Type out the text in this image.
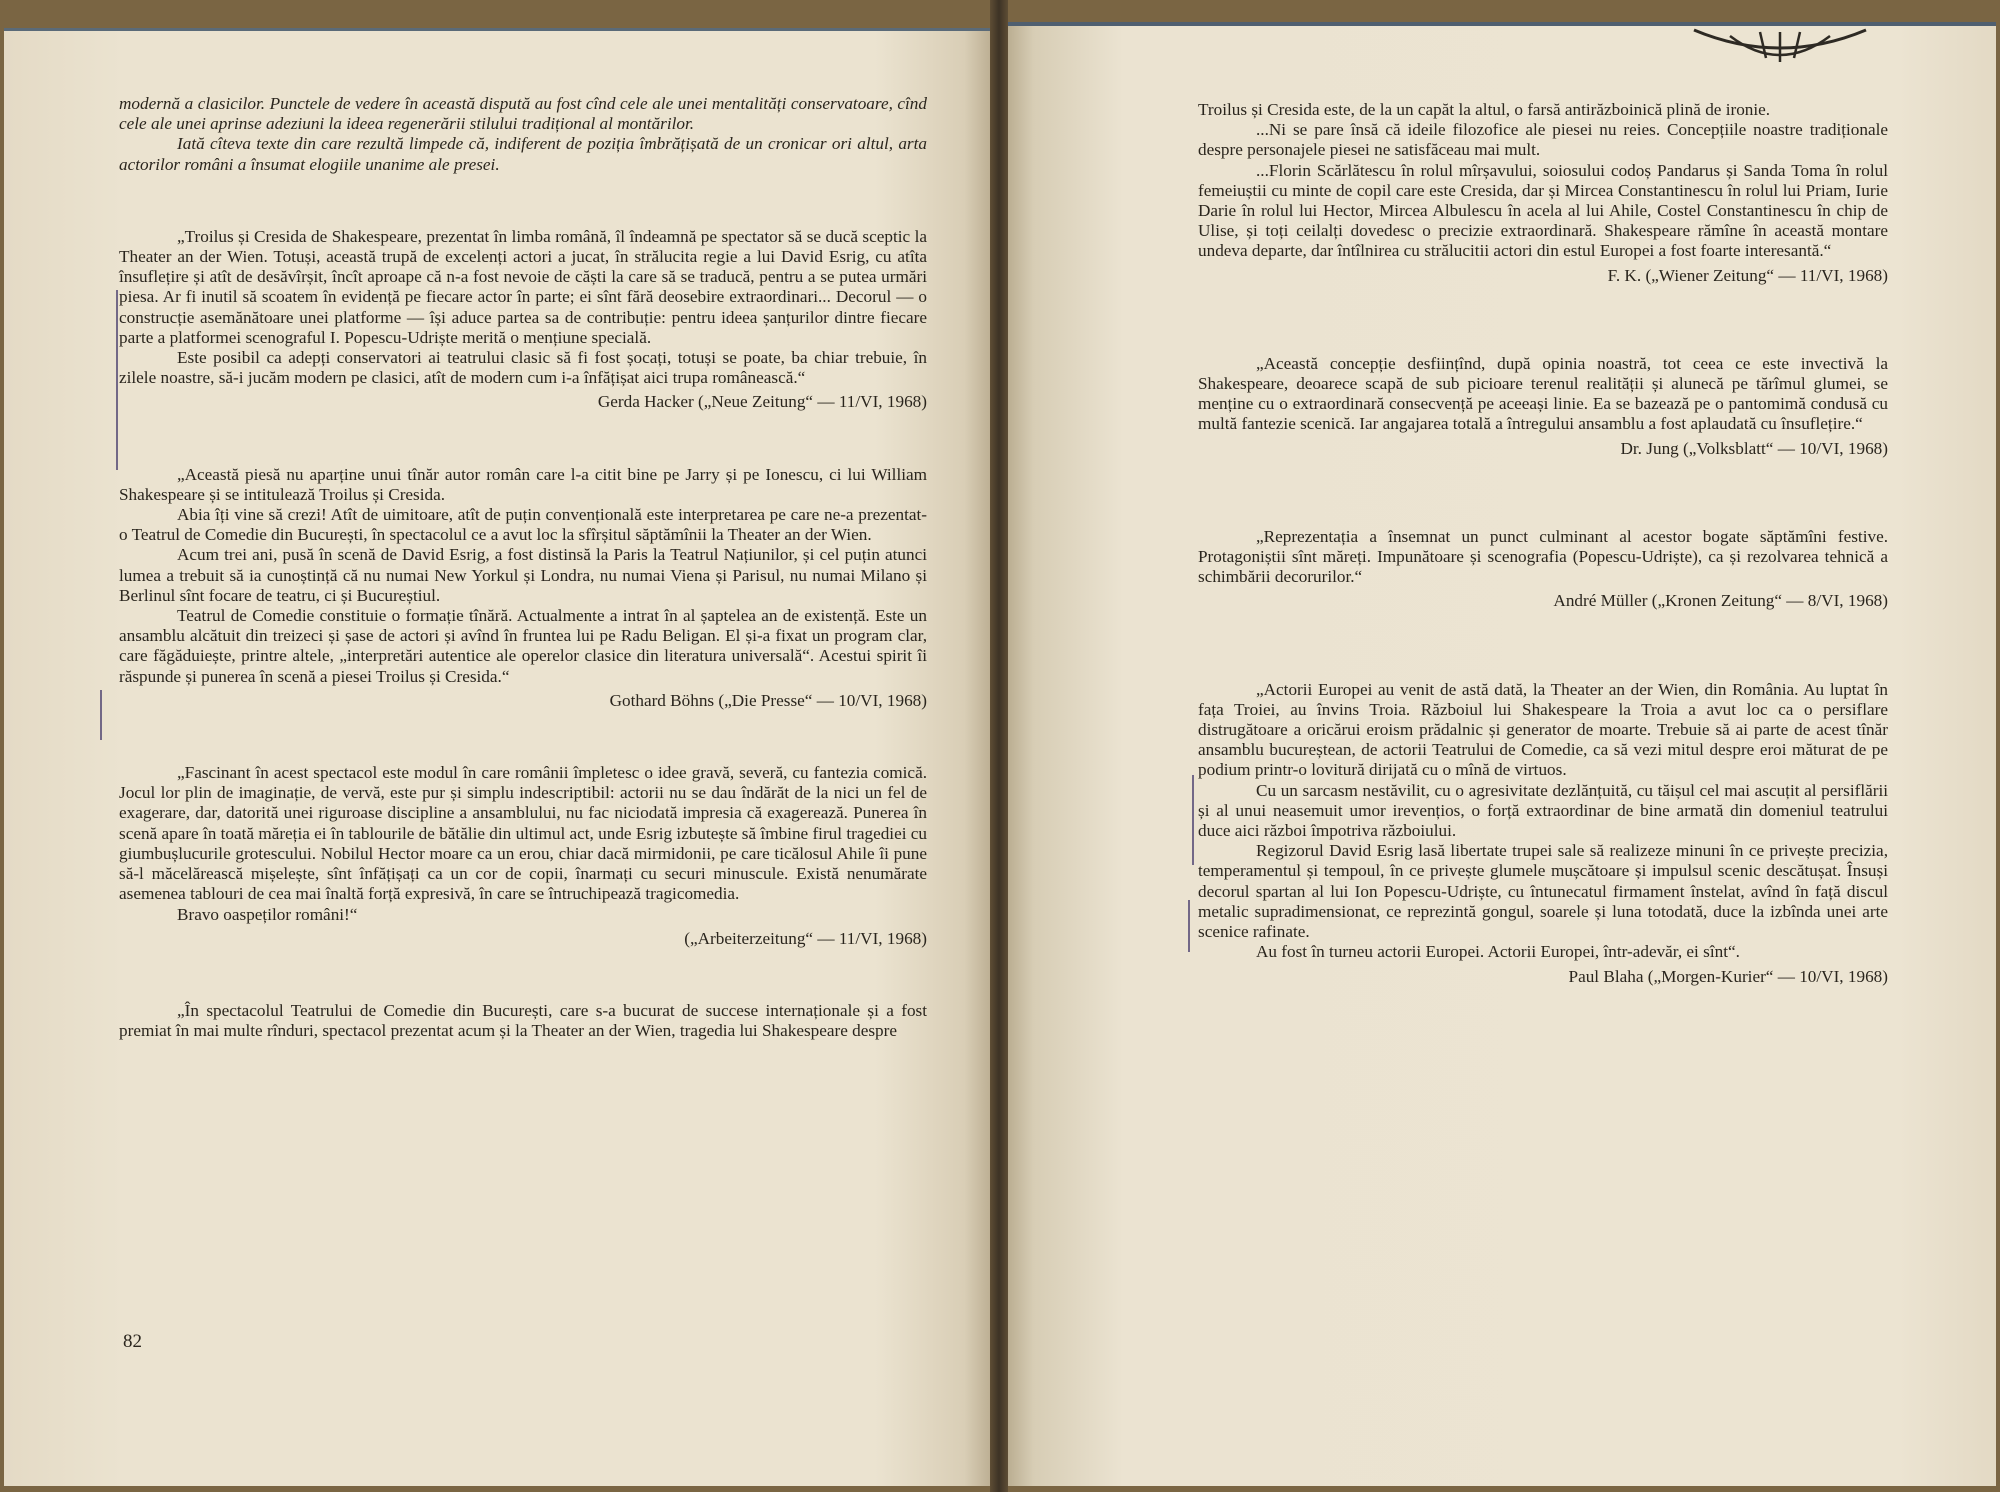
modernă a clasicilor. Punctele de vedere în această dispută au fost cînd cele ale unei mentalități conservatoare, cînd cele ale unei aprinse adeziuni la ideea regenerării stilului tradițional al montărilor.

Iată cîteva texte din care rezultă limpede că, indiferent de poziția îmbrățișată de un cronicar ori altul, arta actorilor români a însumat elogiile unanime ale presei.

„Troilus și Cresida de Shakespeare, prezentat în limba română, îl îndeamnă pe spectator să se ducă sceptic la Theater an der Wien. Totuși, această trupă de excelenți actori a jucat, în strălucita regie a lui David Esrig, cu atîta însuflețire și atît de desăvîrșit, încît aproape că n-a fost nevoie de căști la care să se traducă, pentru a se putea urmări piesa. Ar fi inutil să scoatem în evidență pe fiecare actor în parte; ei sînt fără deosebire extraordinari... Decorul — o construcție asemănătoare unei platforme — își aduce partea sa de contribuție: pentru ideea șanțurilor dintre fiecare parte a platformei scenograful I. Popescu-Udriște merită o mențiune specială.

Este posibil ca adepți conservatori ai teatrului clasic să fi fost șocați, totuși se poate, ba chiar trebuie, în zilele noastre, să-i jucăm modern pe clasici, atît de modern cum i-a înfățișat aici trupa românească.“

Gerda Hacker („Neue Zeitung“ — 11/VI, 1968)

„Această piesă nu aparține unui tînăr autor român care l-a citit bine pe Jarry și pe Ionescu, ci lui William Shakespeare și se intitulează Troilus și Cresida.

Abia îți vine să crezi! Atît de uimitoare, atît de puțin convențională este interpretarea pe care ne-a prezentat-o Teatrul de Comedie din București, în spectacolul ce a avut loc la sfîrșitul săptămînii la Theater an der Wien.

Acum trei ani, pusă în scenă de David Esrig, a fost distinsă la Paris la Teatrul Națiunilor, și cel puțin atunci lumea a trebuit să ia cunoștință că nu numai New Yorkul și Londra, nu numai Viena și Parisul, nu numai Milano și Berlinul sînt focare de teatru, ci și Bucureștiul.

Teatrul de Comedie constituie o formație tînără. Actualmente a intrat în al șaptelea an de existență. Este un ansamblu alcătuit din treizeci și șase de actori și avînd în fruntea lui pe Radu Beligan. El și-a fixat un program clar, care făgăduiește, printre altele, „interpretări autentice ale operelor clasice din literatura universală“. Acestui spirit îi răspunde și punerea în scenă a piesei Troilus și Cresida.“

Gothard Böhns („Die Presse“ — 10/VI, 1968)

„Fascinant în acest spectacol este modul în care românii împletesc o idee gravă, severă, cu fantezia comică. Jocul lor plin de imaginație, de vervă, este pur și simplu indescriptibil: actorii nu se dau îndărăt de la nici un fel de exagerare, dar, datorită unei riguroase discipline a ansamblului, nu fac niciodată impresia că exagerează. Punerea în scenă apare în toată măreția ei în tablourile de bătălie din ultimul act, unde Esrig izbutește să îmbine firul tragediei cu giumbușlucurile grotescului. Nobilul Hector moare ca un erou, chiar dacă mirmidonii, pe care ticălosul Ahile îi pune să-l măcelărească mișelește, sînt înfățișați ca un cor de copii, înarmați cu securi minuscule. Există nenumărate asemenea tablouri de cea mai înaltă forță expresivă, în care se întruchipează tragicomedia.

Bravo oaspeților români!“

(„Arbeiterzeitung“ — 11/VI, 1968)

„În spectacolul Teatrului de Comedie din București, care s-a bucurat de succese internaționale și a fost premiat în mai multe rînduri, spectacol prezentat acum și la Theater an der Wien, tragedia lui Shakespeare despre

82

Troilus și Cresida este, de la un capăt la altul, o farsă antirăzboinică plină de ironie.

...Ni se pare însă că ideile filozofice ale piesei nu reies. Concepțiile noastre tradiționale despre personajele piesei ne satisfăceau mai mult.

...Florin Scărlătescu în rolul mîrșavului, soiosului codoș Pandarus și Sanda Toma în rolul femeiuștii cu minte de copil care este Cresida, dar și Mircea Constantinescu în rolul lui Priam, Iurie Darie în rolul lui Hector, Mircea Albulescu în acela al lui Ahile, Costel Constantinescu în chip de Ulise, și toți ceilalți dovedesc o precizie extraordinară. Shakespeare rămîne în această montare undeva departe, dar întîlnirea cu strălucitii actori din estul Europei a fost foarte interesantă.“

F. K. („Wiener Zeitung“ — 11/VI, 1968)

„Această concepție desființînd, după opinia noastră, tot ceea ce este invectivă la Shakespeare, deoarece scapă de sub picioare terenul realității și alunecă pe tărîmul glumei, se menține cu o extraordinară consecvență pe aceeași linie. Ea se bazează pe o pantomimă condusă cu multă fantezie scenică. Iar angajarea totală a întregului ansamblu a fost aplaudată cu însuflețire.“

Dr. Jung („Volksblatt“ — 10/VI, 1968)

„Reprezentația a însemnat un punct culminant al acestor bogate săptămîni festive. Protagoniștii sînt măreți. Impunătoare și scenografia (Popescu-Udriște), ca și rezolvarea tehnică a schimbării decorurilor.“

André Müller („Kronen Zeitung“ — 8/VI, 1968)

„Actorii Europei au venit de astă dată, la Theater an der Wien, din România. Au luptat în fața Troiei, au învins Troia. Războiul lui Shakespeare la Troia a avut loc ca o persiflare distrugătoare a oricărui eroism prădalnic și generator de moarte. Trebuie să ai parte de acest tînăr ansamblu bucureștean, de actorii Teatrului de Comedie, ca să vezi mitul despre eroi măturat de pe podium printr-o lovitură dirijată cu o mînă de virtuos.

Cu un sarcasm nestăvilit, cu o agresivitate dezlănțuită, cu tăișul cel mai ascuțit al persiflării și al unui neasemuit umor irevențios, o forță extraordinar de bine armată din domeniul teatrului duce aici război împotriva războiului.

Regizorul David Esrig lasă libertate trupei sale să realizeze minuni în ce privește precizia, temperamentul și tempoul, în ce privește glumele mușcătoare și impulsul scenic descătușat. Însuși decorul spartan al lui Ion Popescu-Udriște, cu întunecatul firmament înstelat, avînd în față discul metalic supradimensionat, ce reprezintă gongul, soarele și luna totodată, duce la izbînda unei arte scenice rafinate.

Au fost în turneu actorii Europei. Actorii Europei, într-adevăr, ei sînt“.

Paul Blaha („Morgen-Kurier“ — 10/VI, 1968)
